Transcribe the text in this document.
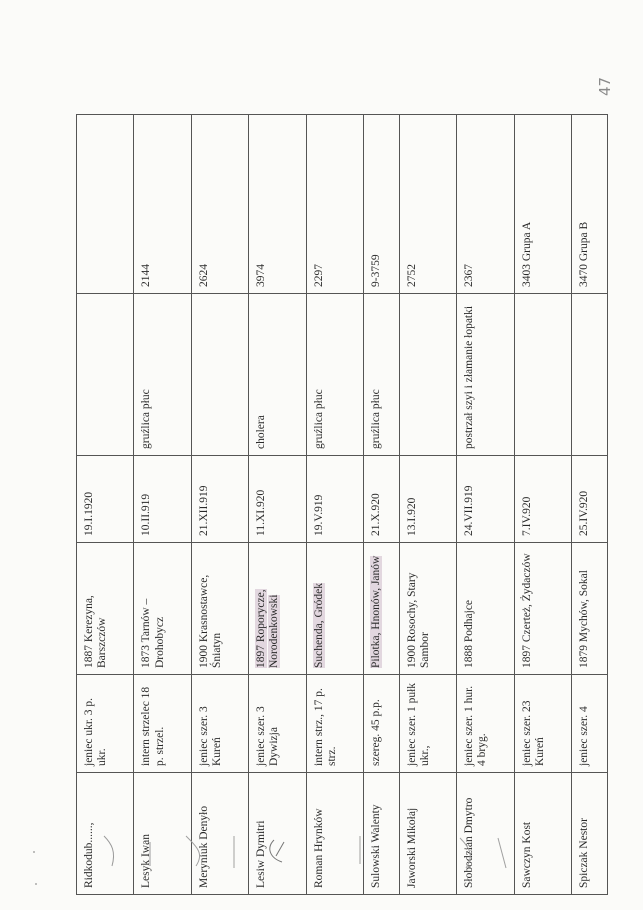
47
Ridkodub......,	jeniec ukr. 3 p. ukr.	1887 Kerezyna, Barszczów	19.I.1920		
Lesyk Iwan	intern strzelec 18 p. strzel.	1873 Tarnów – Drohobycz	10.II.919	gruźlica płuc	2144
Meryniuk Denyło	jeniec szer. 3 Kureń	1900 Krasnostawce, Śniatyn	21.XII.919		2624
Lesiw Dymitri	jeniec szer. 3 Dywizja	1897 Roporycze, Norodenkowski	11.XI.920	cholera	3974
Roman Hrynków	intern strz., 17 p. strz.	Suchenda, Gródek	19.V.919	gruźlica płuc	2297
Sulowski Walenty	szereg. 45 p.p.	Pilotka, Hnonów, Janów	21.X.920	gruźlica płuc	9-3759
Jaworski Mikołaj	jeniec szer. 1 pułk ukr.,	1900 Rosochy, Stary Sambor	13.I.920		2752
Słobodzian Dmytro	jeniec szer. 1 hur. 4 bryg.	1888 Podhajce	24.VII.919	postrzał szyi i złamanie łopatki	2367
Sawczyn Kost	jeniec szer. 23 Kureń	1897 Czerteż, Żydaczów	7.IV.920		3403 Grupa A
Spiczak Nestor	jeniec szer. 4	1879 Mychów, Sokal	25.IV.920		3470 Grupa B
